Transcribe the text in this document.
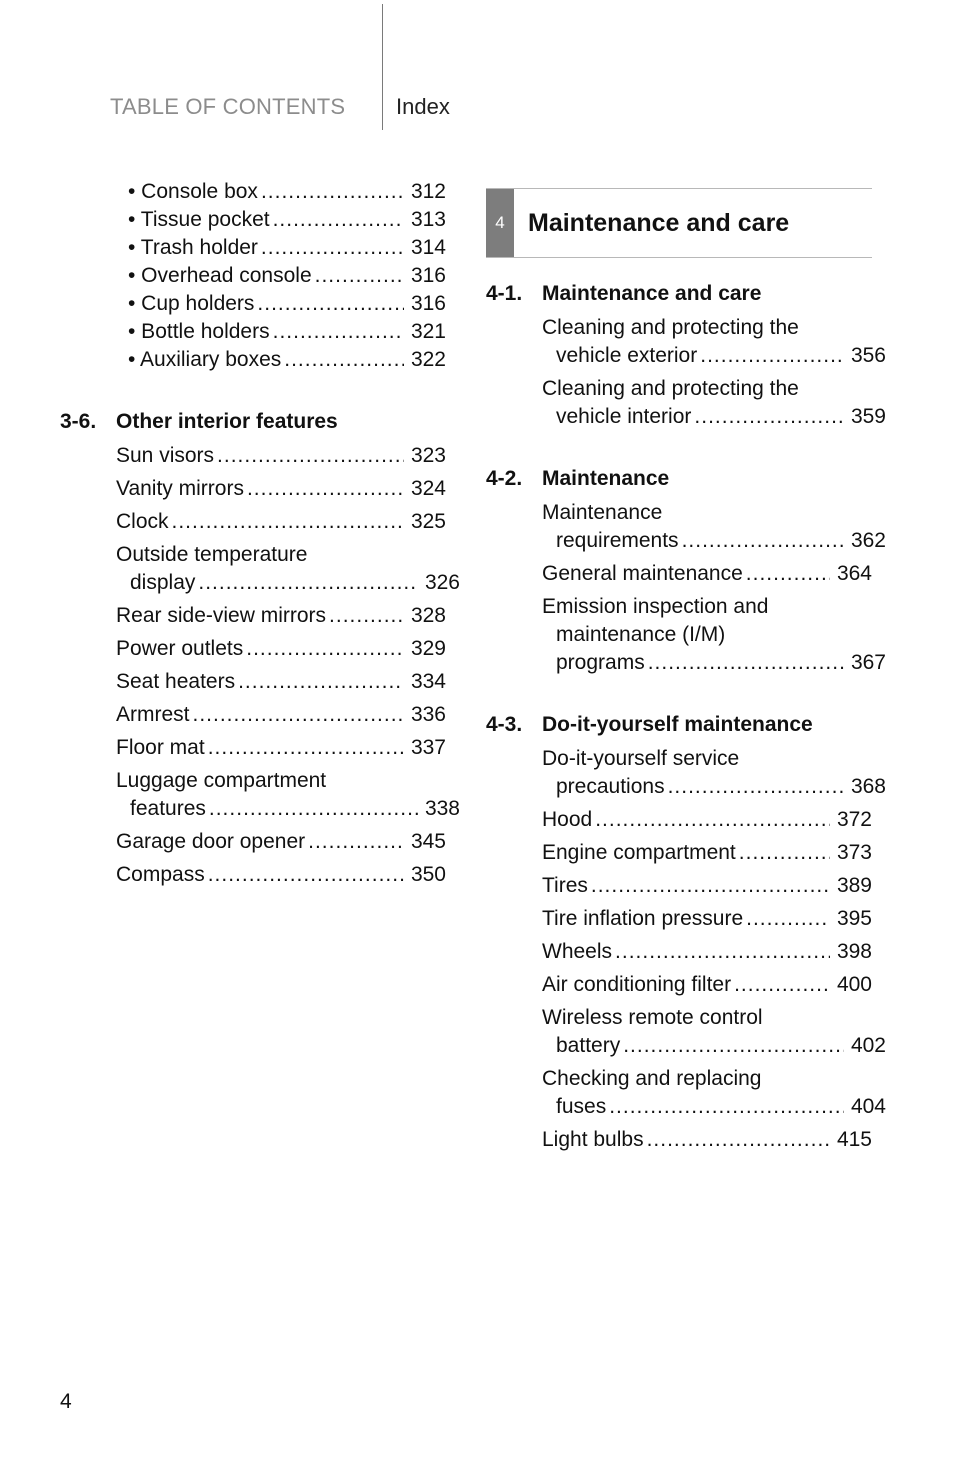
TABLE OF CONTENTS Index
• Console box .....	312
• Tissue pocket .....	313
• Trash holder .....	314
• Overhead console .....	316
• Cup holders .....	316
• Bottle holders .....	321
• Auxiliary boxes .....	322
3-6. Other interior features
Sun visors .....	323
Vanity mirrors .....	324
Clock .....	325
Outside temperature
display .....	326
Rear side-view mirrors .....	328
Power outlets .....	329
Seat heaters .....	334
Armrest .....	336
Floor mat .....	337
Luggage compartment
features .....	338
Garage door opener .....	345
Compass .....	350
4 Maintenance and care
4-1. Maintenance and care
Cleaning and protecting the
vehicle exterior .....	356
Cleaning and protecting the
vehicle interior .....	359
4-2. Maintenance
Maintenance
requirements .....	362
General maintenance .....	364
Emission inspection and
maintenance (I/M)
programs .....	367
4-3. Do-it-yourself maintenance
Do-it-yourself service
precautions .....	368
Hood .....	372
Engine compartment .....	373
Tires .....	389
Tire inflation pressure .....	395
Wheels .....	398
Air conditioning filter .....	400
Wireless remote control
battery .....	402
Checking and replacing
fuses .....	404
Light bulbs .....	415
4
